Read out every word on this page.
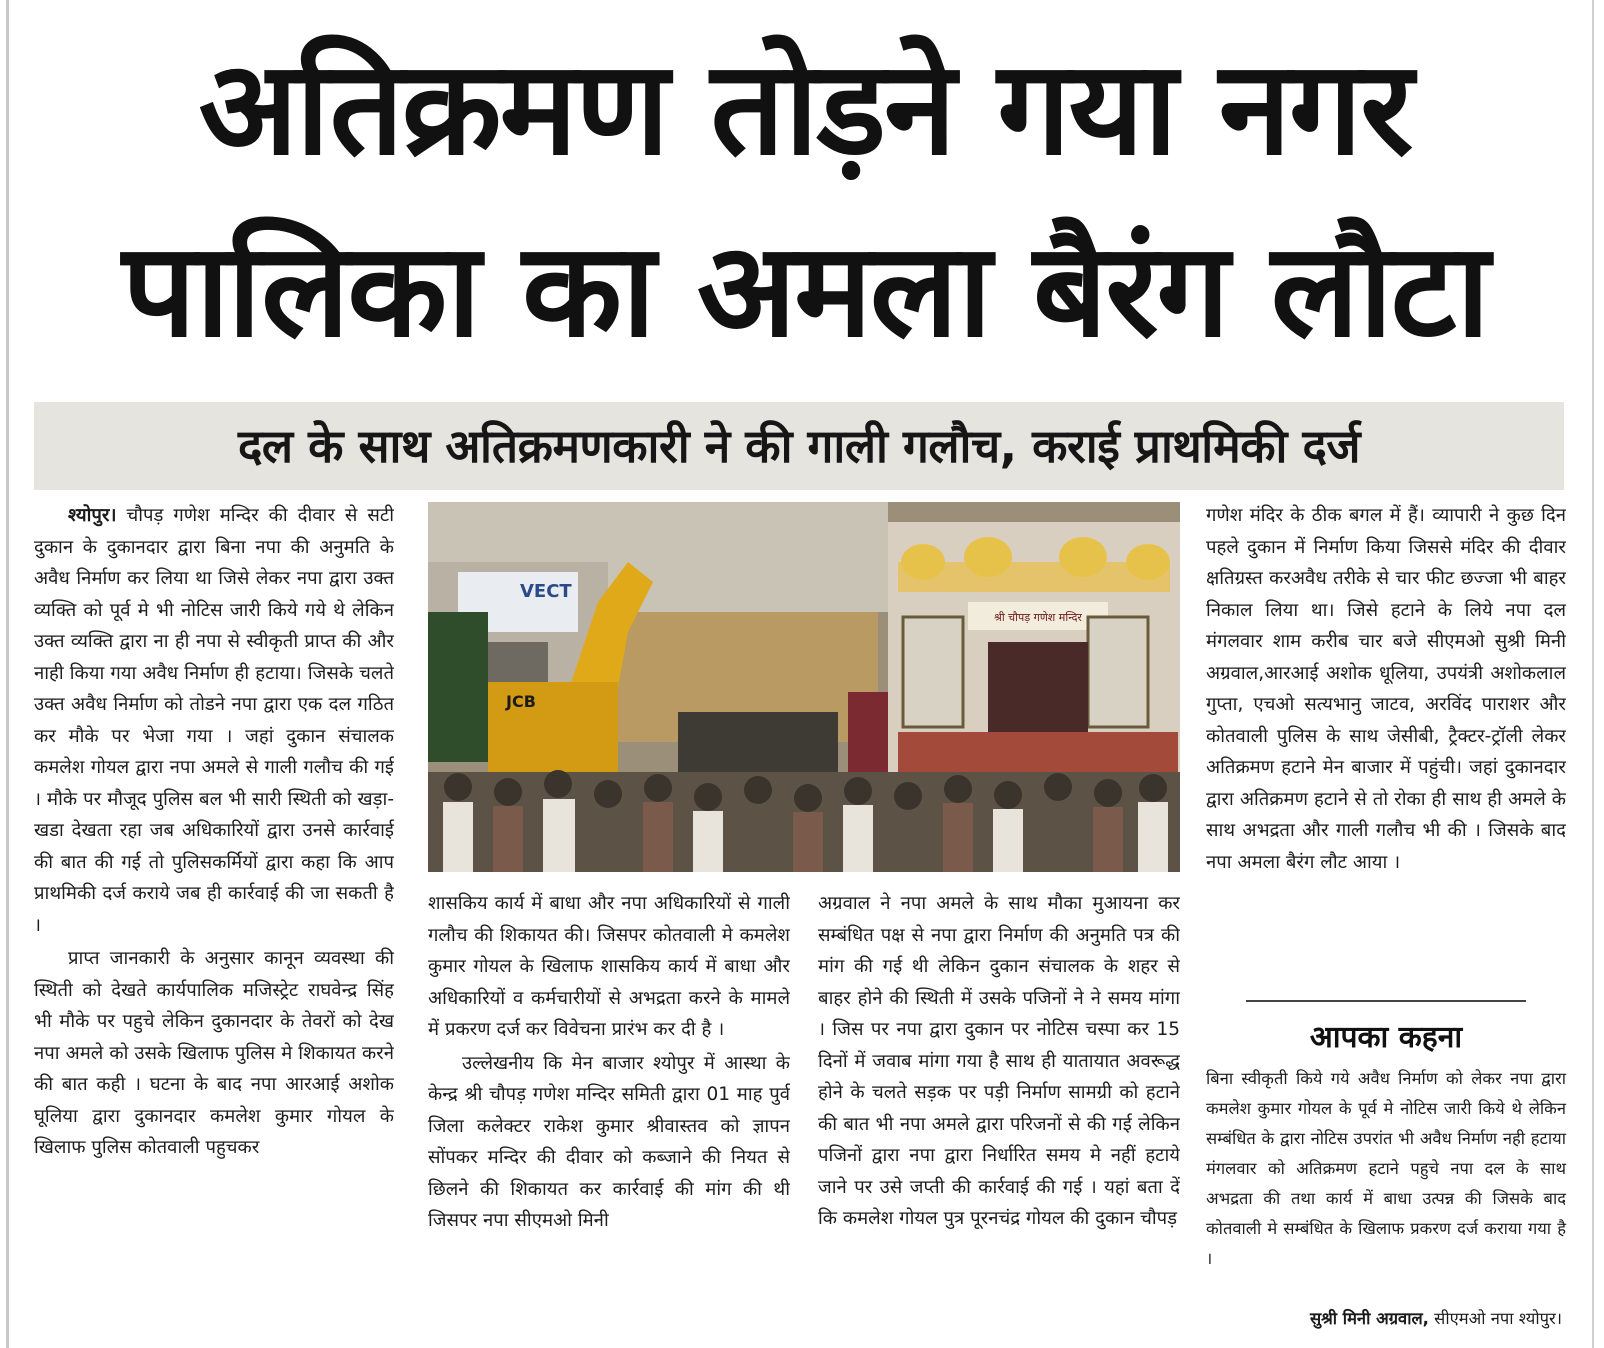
अतिक्रमण तोड़ने गया नगर
पालिका का अमला बैरंग लौटा
दल के साथ अतिक्रमणकारी ने की गाली गलौच, कराई प्राथमिकी दर्ज

श्योपुर। चौपड़ गणेश मन्दिर की दीवार से सटी दुकान के दुकानदार द्वारा बिना नपा की अनुमति के अवैध निर्माण कर लिया था जिसे लेकर नपा द्वारा उक्त व्यक्ति को पूर्व मे भी नोटिस जारी किये गये थे लेकिन उक्त व्यक्ति द्वारा ना ही नपा से स्वीकृती प्राप्त की और नाही किया गया अवैध निर्माण ही हटाया। जिसके चलते उक्त अवैध निर्माण को तोडने नपा द्वारा एक दल गठित कर मौके पर भेजा गया । जहां दुकान संचालक कमलेश गोयल द्वारा नपा अमले से गाली गलौच की गई । मौके पर मौजूद पुलिस बल भी सारी स्थिती को खड़ा-खडा देखता रहा जब अधिकारियों द्वारा उनसे कार्रवाई की बात की गई तो पुलिसकर्मियों द्वारा कहा कि आप प्राथमिकी दर्ज कराये जब ही कार्रवाई की जा सकती है ।

प्राप्त जानकारी के अनुसार कानून व्यवस्था की स्थिती को देखते कार्यपालिक मजिस्ट्रेट राघवेन्द्र सिंह भी मौके पर पहुचे लेकिन दुकानदार के तेवरों को देख नपा अमले को उसके खिलाफ पुलिस मे शिकायत करने की बात कही । घटना के बाद नपा आरआई अशोक घूलिया द्वारा दुकानदार कमलेश कुमार गोयल के खिलाफ पुलिस कोतवाली पहुचकर

VECT
JCB
श्री चौपड़ गणेश मन्दिर

शासकिय कार्य में बाधा और नपा अधिकारियों से गाली गलौच की शिकायत की। जिसपर कोतवाली मे कमलेश कुमार गोयल के खिलाफ शासकिय कार्य में बाधा और अधिकारियों व कर्मचारीयों से अभद्रता करने के मामले में प्रकरण दर्ज कर विवेचना प्रारंभ कर दी है ।

उल्लेखनीय कि मेन बाजार श्योपुर में आस्था के केन्द्र श्री चौपड़ गणेश मन्दिर समिती द्वारा 01 माह पुर्व जिला कलेक्टर राकेश कुमार श्रीवास्तव को ज्ञापन सोंपकर मन्दिर की दीवार को कब्जाने की नियत से छिलने की शिकायत कर कार्रवाई की मांग की थी जिसपर नपा सीएमओ मिनी

अग्रवाल ने नपा अमले के साथ मौका मुआयना कर सम्बंधित पक्ष से नपा द्वारा निर्माण की अनुमति पत्र की मांग की गई थी लेकिन दुकान संचालक के शहर से बाहर होने की स्थिती में उसके पजिनों ने ने समय मांगा । जिस पर नपा द्वारा दुकान पर नोटिस चस्पा कर 15 दिनों में जवाब मांगा गया है साथ ही यातायात अवरूद्ध होने के चलते सड़क पर पड़ी निर्माण सामग्री को हटाने की बात भी नपा अमले द्वारा परिजनों से की गई लेकिन पजिनों द्वारा नपा द्वारा निर्धारित समय मे नहीं हटाये जाने पर उसे जप्ती की कार्रवाई की गई । यहां बता दें कि कमलेश गोयल पुत्र पूरनचंद्र गोयल की दुकान चौपड़

गणेश मंदिर के ठीक बगल में हैं। व्यापारी ने कुछ दिन पहले दुकान में निर्माण किया जिससे मंदिर की दीवार क्षतिग्रस्त करअवैध तरीके से चार फीट छज्जा भी बाहर निकाल लिया था। जिसे हटाने के लिये नपा दल मंगलवार शाम करीब चार बजे सीएमओ सुश्री मिनी अग्रवाल,आरआई अशोक धूलिया, उपयंत्री अशोकलाल गुप्ता, एचओ सत्यभानु जाटव, अरविंद पाराशर और कोतवाली पुलिस के साथ जेसीबी, ट्रैक्टर-ट्रॉली लेकर अतिक्रमण हटाने मेन बाजार में पहुंची। जहां दुकानदार द्वारा अतिक्रमण हटाने से तो रोका ही साथ ही अमले के साथ अभद्रता और गाली गलौच भी की । जिसके बाद नपा अमला बैरंग लौट आया ।

आपका कहना

बिना स्वीकृती किये गये अवैध निर्माण को लेकर नपा द्वारा कमलेश कुमार गोयल के पूर्व मे नोटिस जारी किये थे लेकिन सम्बंधित के द्वारा नोटिस उपरांत भी अवैध निर्माण नही हटाया मंगलवार को अतिक्रमण हटाने पहुचे नपा दल के साथ अभद्रता की तथा कार्य में बाधा उत्पन्न की जिसके बाद कोतवाली मे सम्बंधित के खिलाफ प्रकरण दर्ज कराया गया है ।

सुश्री मिनी अग्रवाल, सीएमओ नपा श्योपुर।
